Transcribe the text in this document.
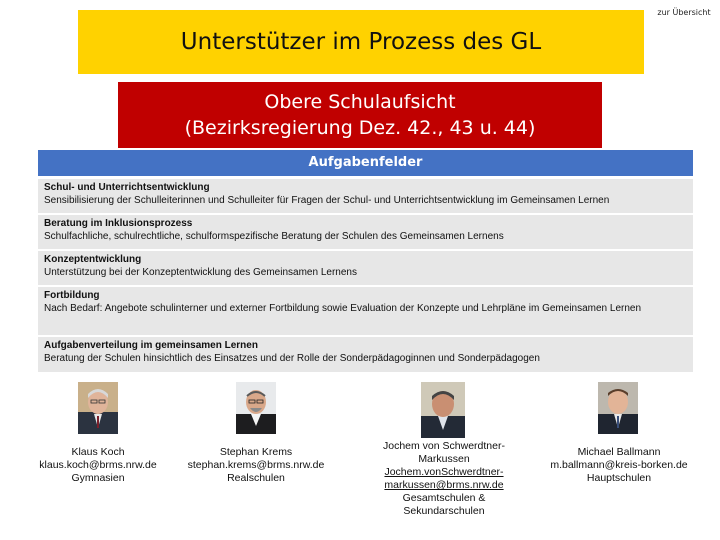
Unterstützer im Prozess des GL
zur Übersicht
Obere Schulaufsicht
(Bezirksregierung Dez. 42., 43 u. 44)
Aufgabenfelder
Schul- und Unterrichtsentwicklung
Sensibilisierung der Schulleiterinnen und Schulleiter für Fragen der Schul- und Unterrichtsentwicklung im Gemeinsamen Lernen
Beratung im Inklusionsprozess
Schulfachliche, schulrechtliche, schulformspezifische Beratung der Schulen des Gemeinsamen Lernens
Konzeptentwicklung
Unterstützung bei der Konzeptentwicklung des Gemeinsamen Lernens
Fortbildung
Nach Bedarf: Angebote schulinterner und externer Fortbildung sowie Evaluation der Konzepte und Lehrpläne im Gemeinsamen Lernen
Aufgabenverteilung im gemeinsamen Lernen
Beratung der Schulen hinsichtlich des Einsatzes und der Rolle der Sonderpädagoginnen und Sonderpädagogen
Klaus Koch
klaus.koch@brms.nrw.de
Gymnasien
Stephan Krems
stephan.krems@brms.nrw.de
Realschulen
Jochem von Schwerdtner-Markussen
Jochem.vonSchwerdtner-markussen@brms.nrw.de
Gesamtschulen & Sekundarschulen
Michael Ballmann
m.ballmann@kreis-borken.de
Hauptschulen
